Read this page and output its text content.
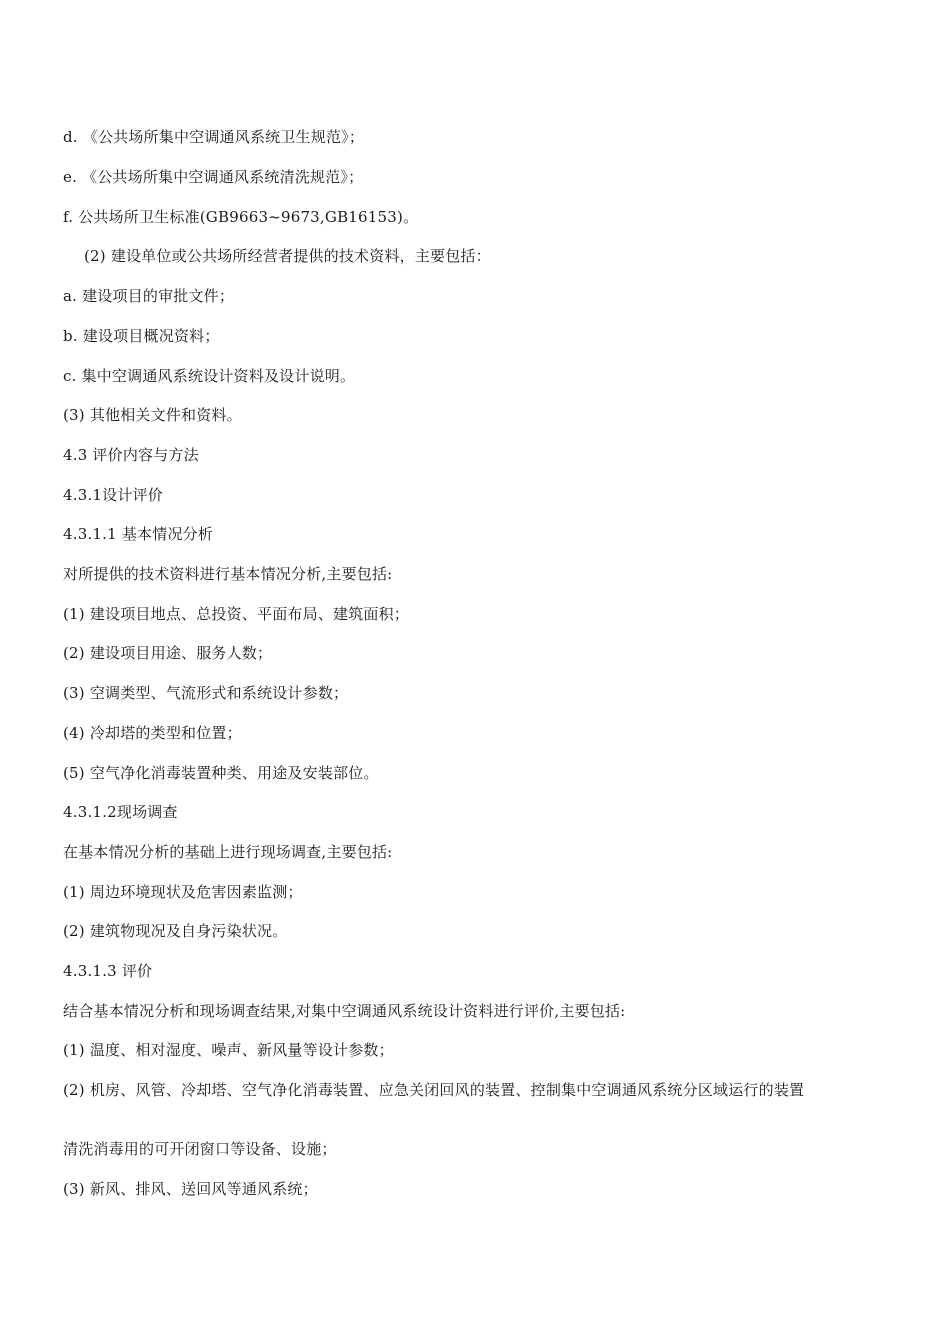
d. 《公共场所集中空调通风系统卫生规范》；
e. 《公共场所集中空调通风系统清洗规范》；
f. 公共场所卫生标准(GB9663~9673,GB16153)。
(2) 建设单位或公共场所经营者提供的技术资料，主要包括：
a. 建设项目的审批文件；
b. 建设项目概况资料；
c. 集中空调通风系统设计资料及设计说明。
(3) 其他相关文件和资料。
4.3 评价内容与方法
4.3.1设计评价
4.3.1.1 基本情况分析
对所提供的技术资料进行基本情况分析,主要包括:
(1) 建设项目地点、总投资、平面布局、建筑面积；
(2) 建设项目用途、服务人数；
(3) 空调类型、气流形式和系统设计参数；
(4) 冷却塔的类型和位置；
(5) 空气净化消毒装置种类、用途及安装部位。
4.3.1.2现场调查
在基本情况分析的基础上进行现场调查,主要包括:
(1) 周边环境现状及危害因素监测；
(2) 建筑物现况及自身污染状况。
4.3.1.3 评价
结合基本情况分析和现场调查结果,对集中空调通风系统设计资料进行评价,主要包括:
(1) 温度、相对湿度、噪声、新风量等设计参数；
(2) 机房、风管、冷却塔、空气净化消毒装置、应急关闭回风的装置、控制集中空调通风系统分区域运行的装置
清洗消毒用的可开闭窗口等设备、设施；
(3) 新风、排风、送回风等通风系统；
